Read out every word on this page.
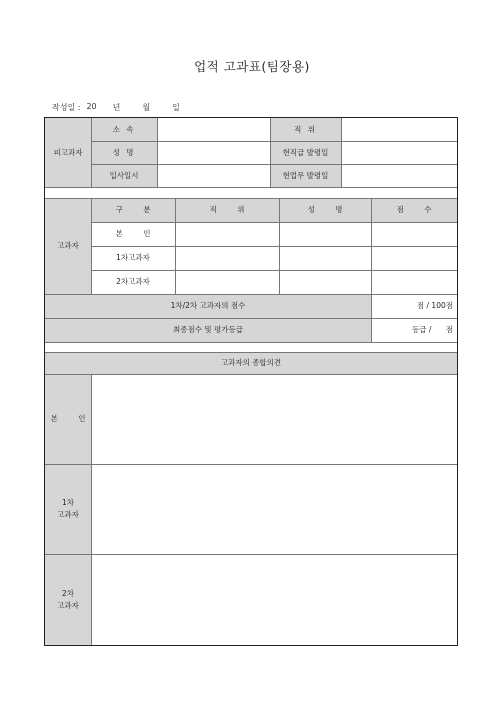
업적 고과표(팀장용)
작성일 : 20 년	월	일
피고과자
소 속	직 위
성 명	현직급 발령일
입사일시	현업무 발령일
고과자
구 분	직 위	성 명	점 수
본 인
1차고과자
2차고과자
1차/2차 고과자의 점수	점 / 100점
최종점수 및 평가등급	등급 /      점
고과자의 종합의견
본 인
1차
고과자
2차
고과자
